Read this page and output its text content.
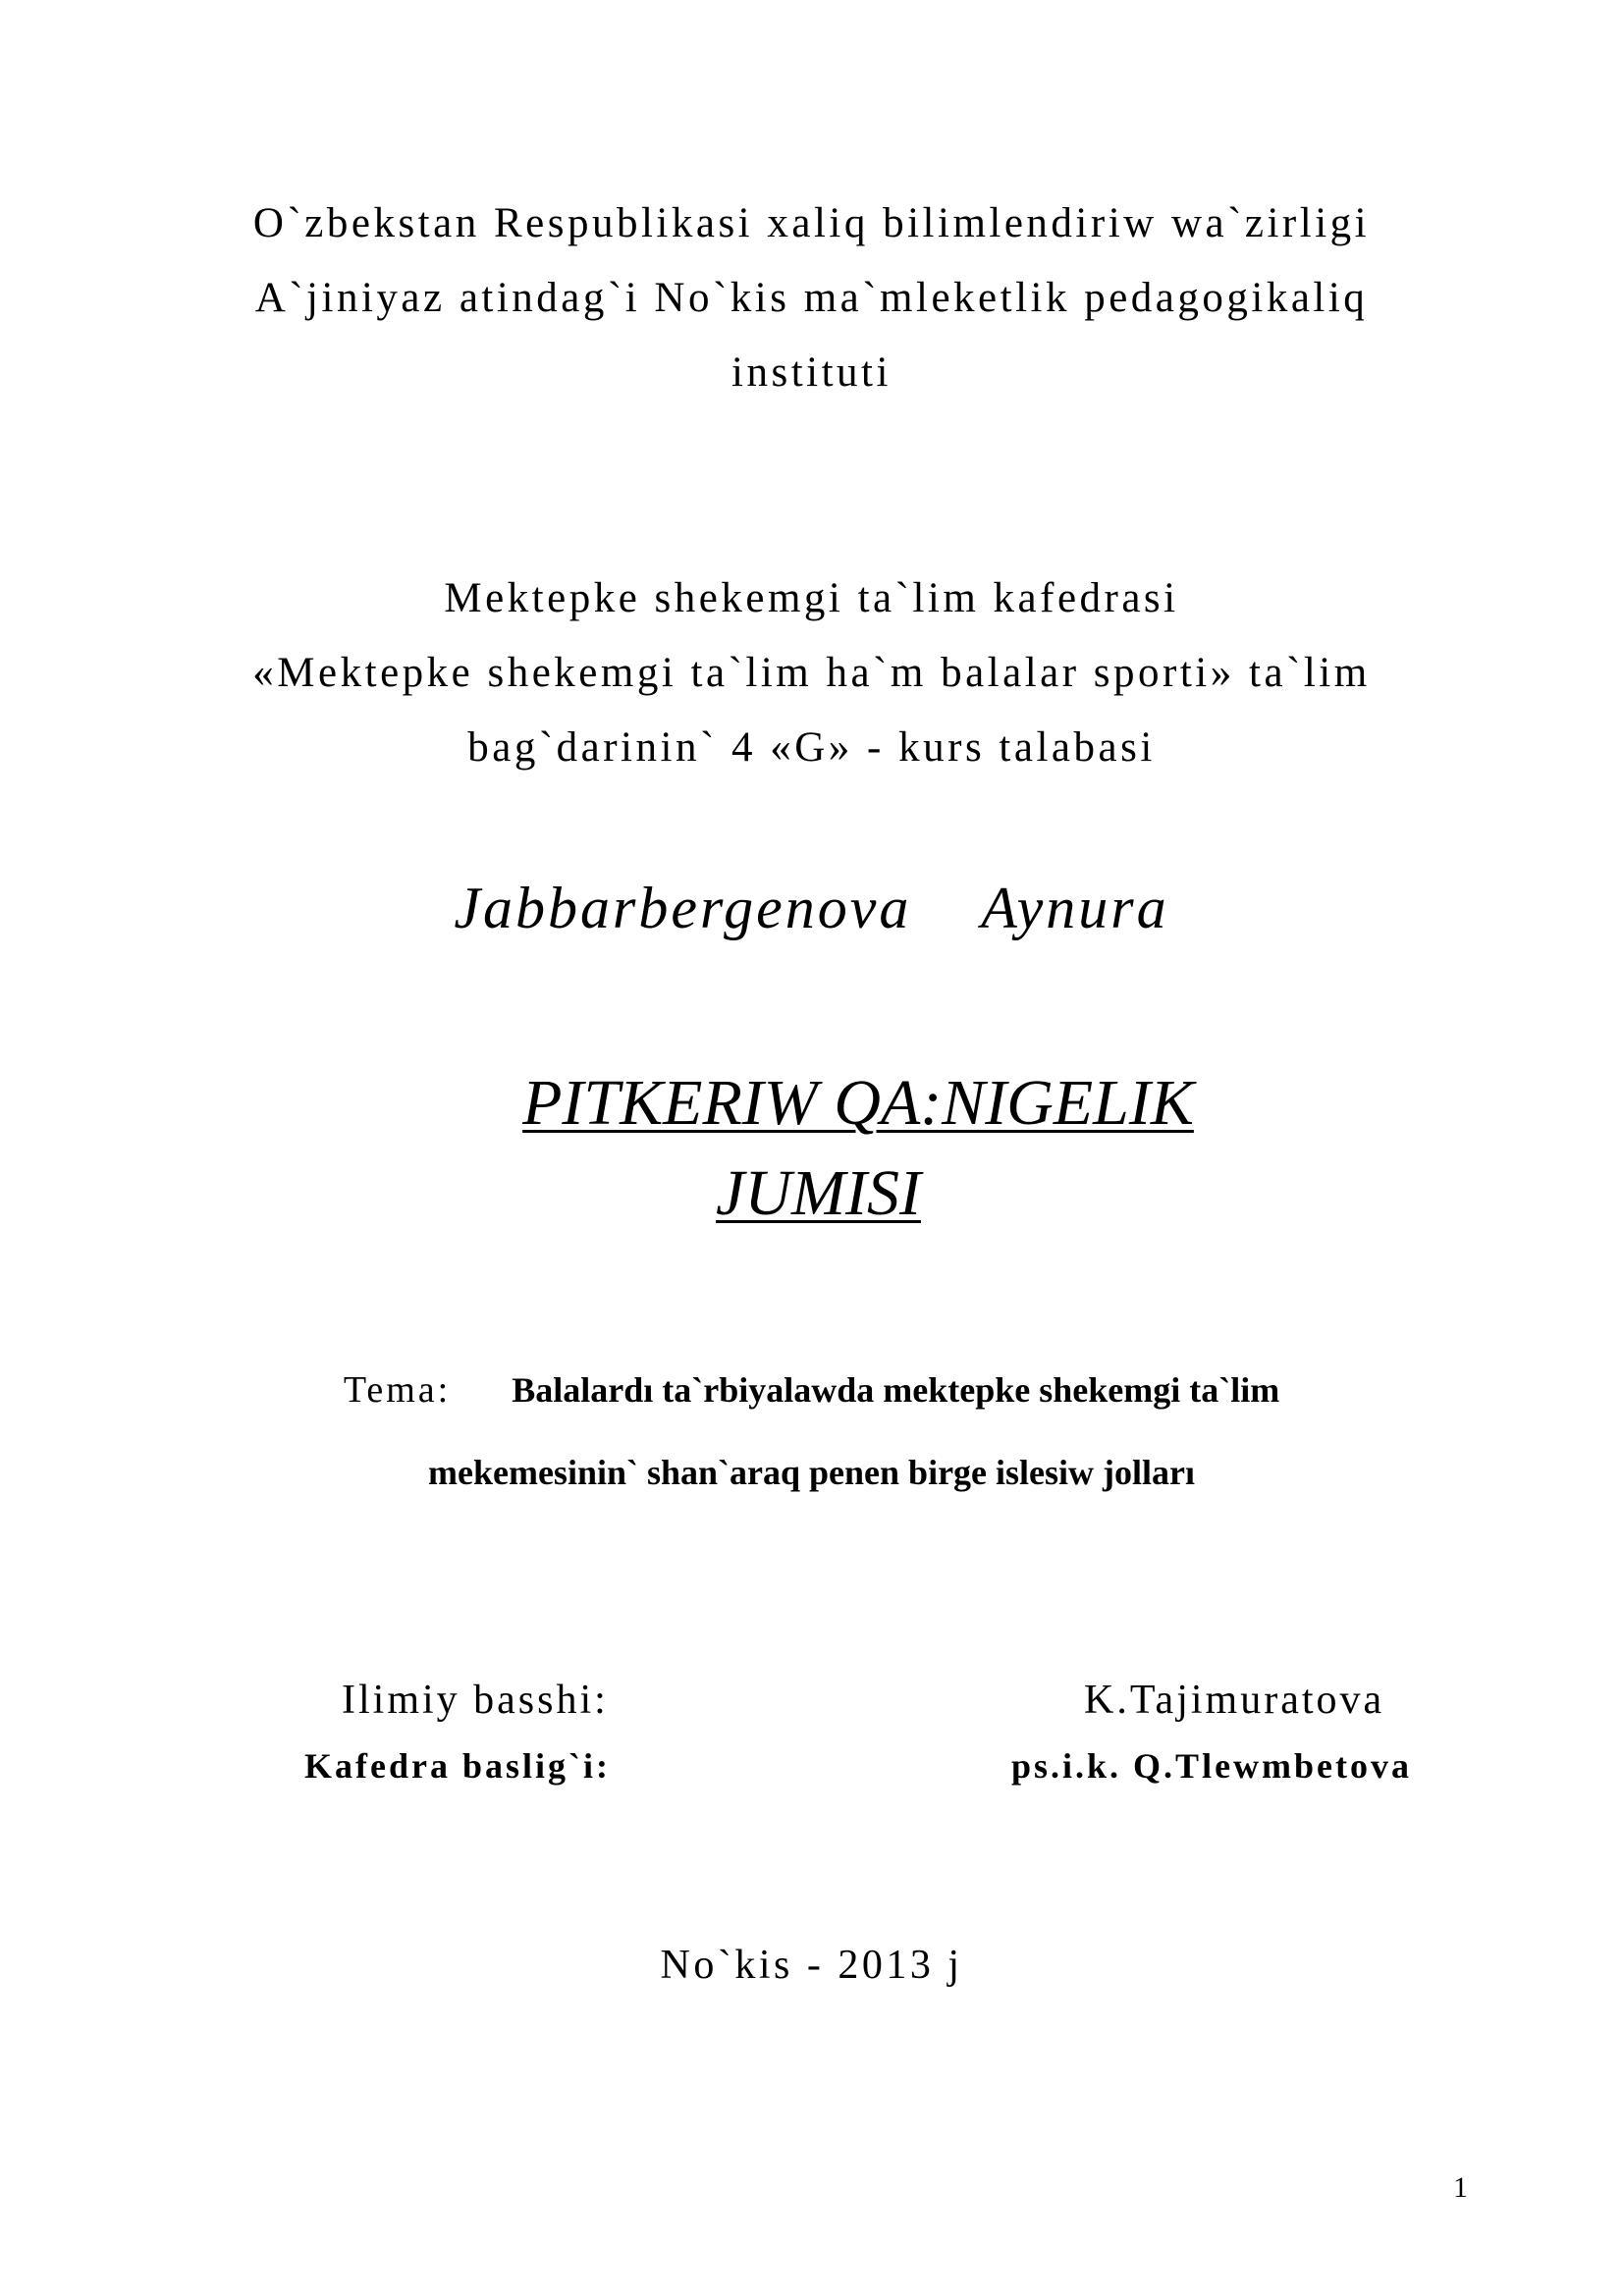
O`zbekstan Respublikasi xaliq bilimlendiriw wa`zirligi
A`jiniyaz atindag`i No`kis ma`mleketlik pedagogikaliq
instituti
Mektepke shekemgi ta`lim kafedrasi
«Mektepke shekemgi ta`lim ha`m balalar sporti» ta`lim
bag`darinin` 4 «G» - kurs talabasi
Jabbarbergenova    Aynura
PITKERIW QA:NIGELIK
JUMISI
Tema: Balalardı ta`rbiyalawda mektepke shekemgi ta`lim
mekemesinin` shan`araq penen birge islesiw jolları
Ilimiy basshi:	K.Tajimuratova
Kafedra baslig`i:	ps.i.k. Q.Tlewmbetova
No`kis - 2013 j
1
